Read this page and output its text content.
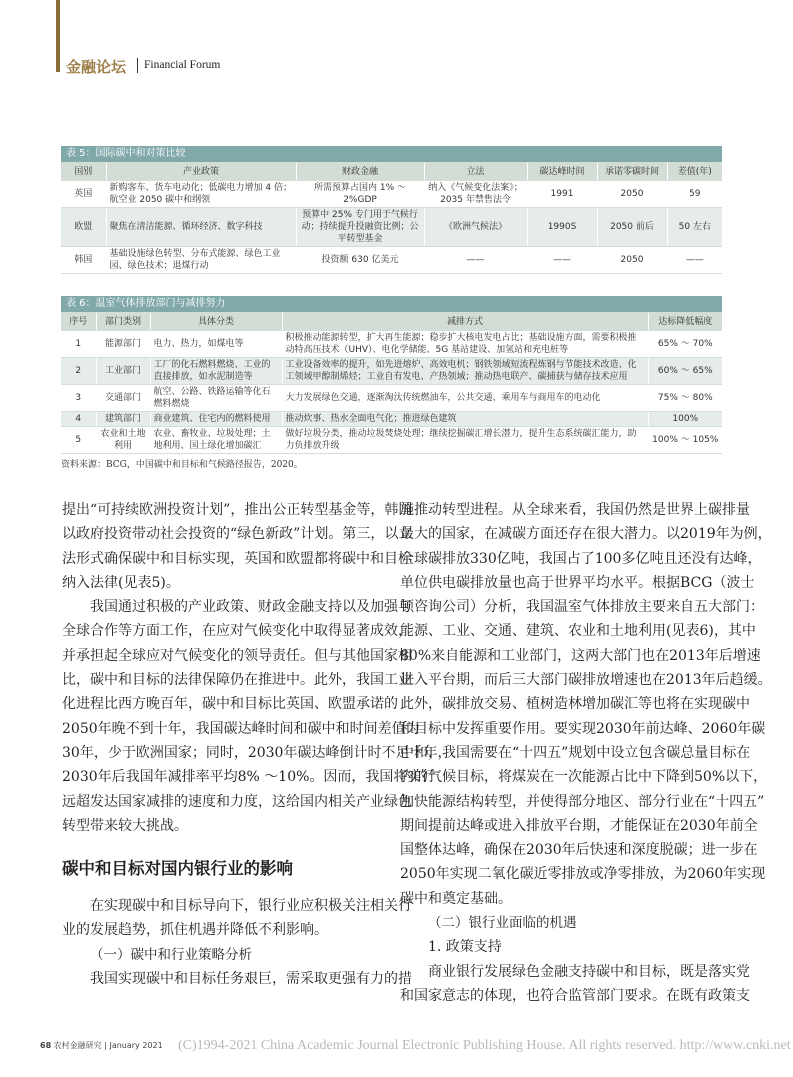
金融论坛 Financial Forum
表 5：国际碳中和对策比较						
国别	产业政策	财政金融	立法	碳达峰时间	承诺零碳时间	差值(年)
英国	新购客车、货车电动化；低碳电力增加 4 倍；航空业 2050 碳中和纲领	所需预算占国内 1% ～ 2%GDP	纳入《气候变化法案》；2035 年禁售法令	1991	2050	59
欧盟	聚焦在清洁能源、循环经济、数字科技	预算中 25% 专门用于气候行动；持续提升投融资比例；公平转型基金	《欧洲气候法》	1990S	2050 前后	50 左右
韩国	基础设施绿色转型、分布式能源、绿色工业园、绿色技术；退煤行动	投资额 630 亿美元	——	——	2050	——
表 6：温室气体排放部门与减排努力				
序号	部门类别	具体分类	减排方式	达标降低幅度
1	能源部门	电力、热力，如煤电等	积极推动能源转型，扩大再生能源；稳步扩大核电发电占比；基础设施方面，需要积极推动特高压技术（UHV）、电化学储能、5G 基站建设、加氢站和充电桩等	65% ～ 70%
2	工业部门	工厂的化石燃料燃烧、工业的直接排放，如水泥制造等	工业设备效率的提升，如先进熔炉、高效电机；钢铁领域短流程炼钢与节能技术改造、化工领域甲醇制烯烃；工业自有发电、产热领域；推动热电联产、碳捕获与储存技术应用	60% ～ 65%
3	交通部门	航空、公路、铁路运输等化石燃料燃烧	大力发展绿色交通，逐渐淘汰传统燃油车，公共交通、乘用车与商用车的电动化	75% ～ 80%
4	建筑部门	商业建筑、住宅内的燃料使用	推动炊事、热水全面电气化；推进绿色建筑	100%
5	农业和土地利用	农业、畜牧业、垃圾处理；土地利用、国土绿化增加碳汇	做好垃圾分类，推动垃圾焚烧处理；继续挖掘碳汇增长潜力，提升生态系统碳汇能力，助力负排放升级	100% ～ 105%
资料来源：BCG，中国碳中和目标和气候路径报告，2020。
提出“可持续欧洲投资计划”，推出公正转型基金等，韩国
以政府投资带动社会投资的“绿色新政”计划。第三，以立
法形式确保碳中和目标实现，英国和欧盟都将碳中和目标
纳入法律(见表5)。
我国通过积极的产业政策、财政金融支持以及加强与
全球合作等方面工作，在应对气候变化中取得显著成效，
并承担起全球应对气候变化的领导责任。但与其他国家相
比，碳中和目标的法律保障仍在推进中。此外，我国工业
化进程比西方晚百年，碳中和目标比英国、欧盟承诺的
2050年晚不到十年，我国碳达峰时间和碳中和时间差值为
30年，少于欧洲国家；同时，2030年碳达峰倒计时不足十年，
2030年后我国年减排率平均8% ～10%。因而，我国将实行
远超发达国家减排的速度和力度，这给国内相关产业绿色
转型带来较大挑战。
碳中和目标对国内银行业的影响
在实现碳中和目标导向下，银行业应积极关注相关行
业的发展趋势，抓住机遇并降低不利影响。
（一）碳中和行业策略分析
我国实现碳中和目标任务艰巨，需采取更强有力的措
施推动转型进程。从全球来看，我国仍然是世界上碳排量
最大的国家，在减碳方面还存在很大潜力。以2019年为例，
全球碳排放330亿吨，我国占了100多亿吨且还没有达峰，
单位供电碳排放量也高于世界平均水平。根据BCG（波士
顿咨询公司）分析，我国温室气体排放主要来自五大部门：
能源、工业、交通、建筑、农业和土地利用(见表6)，其中
80%来自能源和工业部门，这两大部门也在2013年后增速
进入平台期，而后三大部门碳排放增速也在2013年后趋缓。
此外，碳排放交易、植树造林增加碳汇等也将在实现碳中
和目标中发挥重要作用。要实现2030年前达峰、2060年碳
中和，我国需要在“十四五”规划中设立包含碳总量目标在
内的气候目标，将煤炭在一次能源占比中下降到50%以下，
加快能源结构转型，并使得部分地区、部分行业在“十四五”
期间提前达峰或进入排放平台期，才能保证在2030年前全
国整体达峰，确保在2030年后快速和深度脱碳；进一步在
2050年实现二氧化碳近零排放或净零排放，为2060年实现
碳中和奠定基础。
（二）银行业面临的机遇
1. 政策支持
商业银行发展绿色金融支持碳中和目标，既是落实党
和国家意志的体现，也符合监管部门要求。在既有政策支
68 农村金融研究 | January 2021 (C)1994-2021 China Academic Journal Electronic Publishing House. All rights reserved. http://www.cnki.net
